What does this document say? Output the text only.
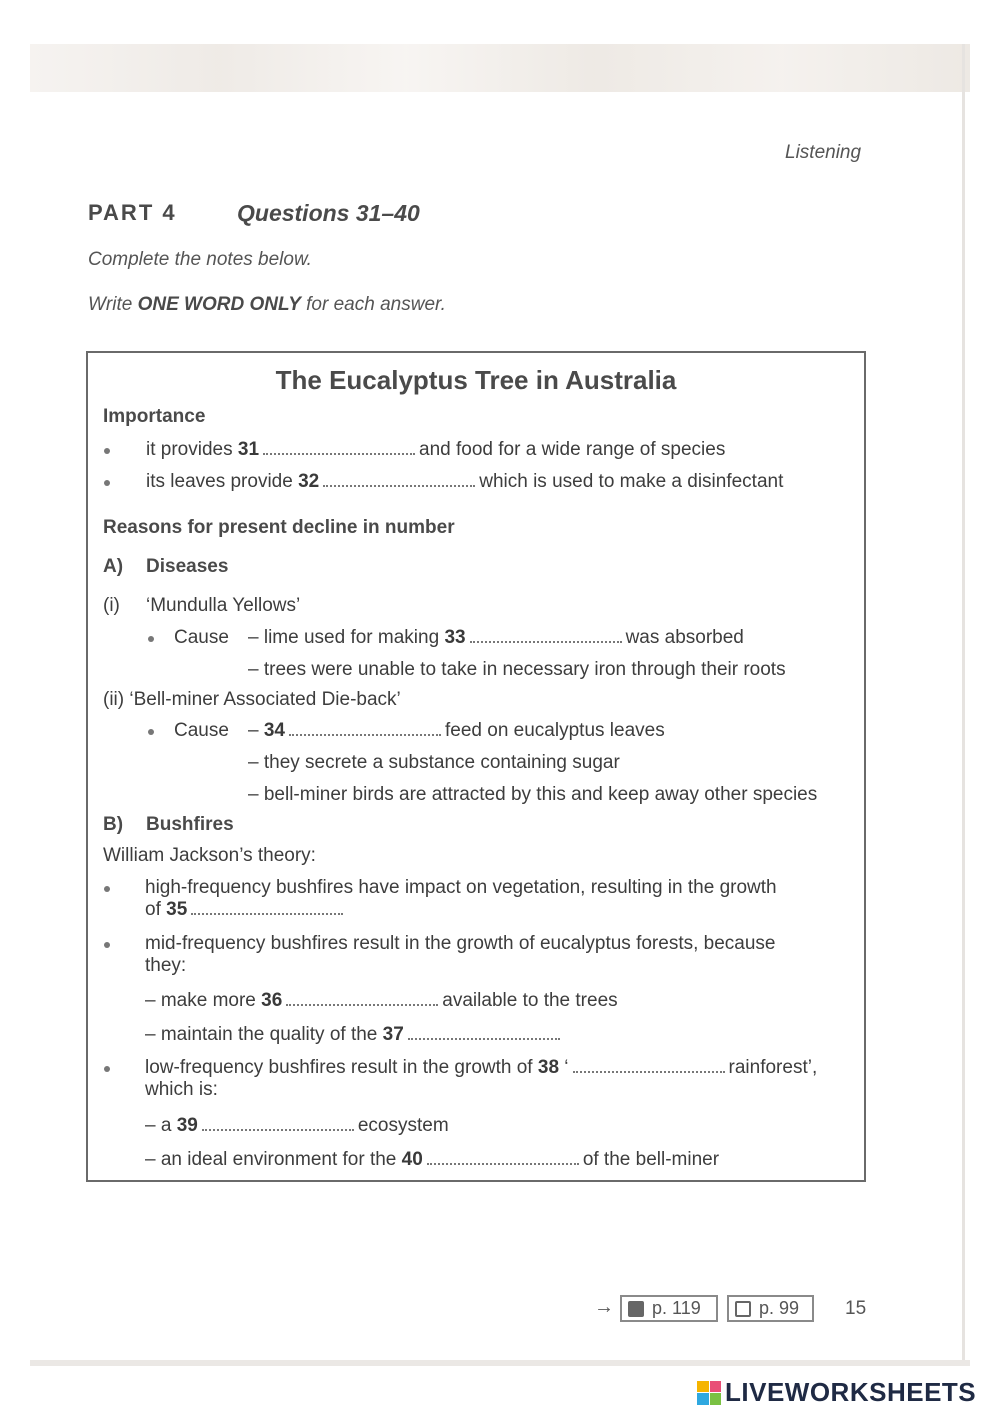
Listening
PART 4	Questions 31–40
Complete the notes below.
Write ONE WORD ONLY for each answer.
The Eucalyptus Tree in Australia
Importance
it provides 31	and food for a wide range of species
its leaves provide 32	which is used to make a disinfectant
Reasons for present decline in number
A) Diseases
(i) ‘Mundulla Yellows’
Cause – lime used for making 33	was absorbed
– trees were unable to take in necessary iron through their roots
(ii) ‘Bell-miner Associated Die-back’
Cause – 34	feed on eucalyptus leaves
– they secrete a substance containing sugar
– bell-miner birds are attracted by this and keep away other species
B) Bushfires
William Jackson’s theory:
high-frequency bushfires have impact on vegetation, resulting in the growth
of 35
mid-frequency bushfires result in the growth of eucalyptus forests, because
they:
– make more 36	available to the trees
– maintain the quality of the 37
low-frequency bushfires result in the growth of 38 ‘	rainforest’,
which is:
– a 39	ecosystem
– an ideal environment for the 40	of the bell-miner
→ p. 119	p. 99 15
LIVEWORKSHEETS
